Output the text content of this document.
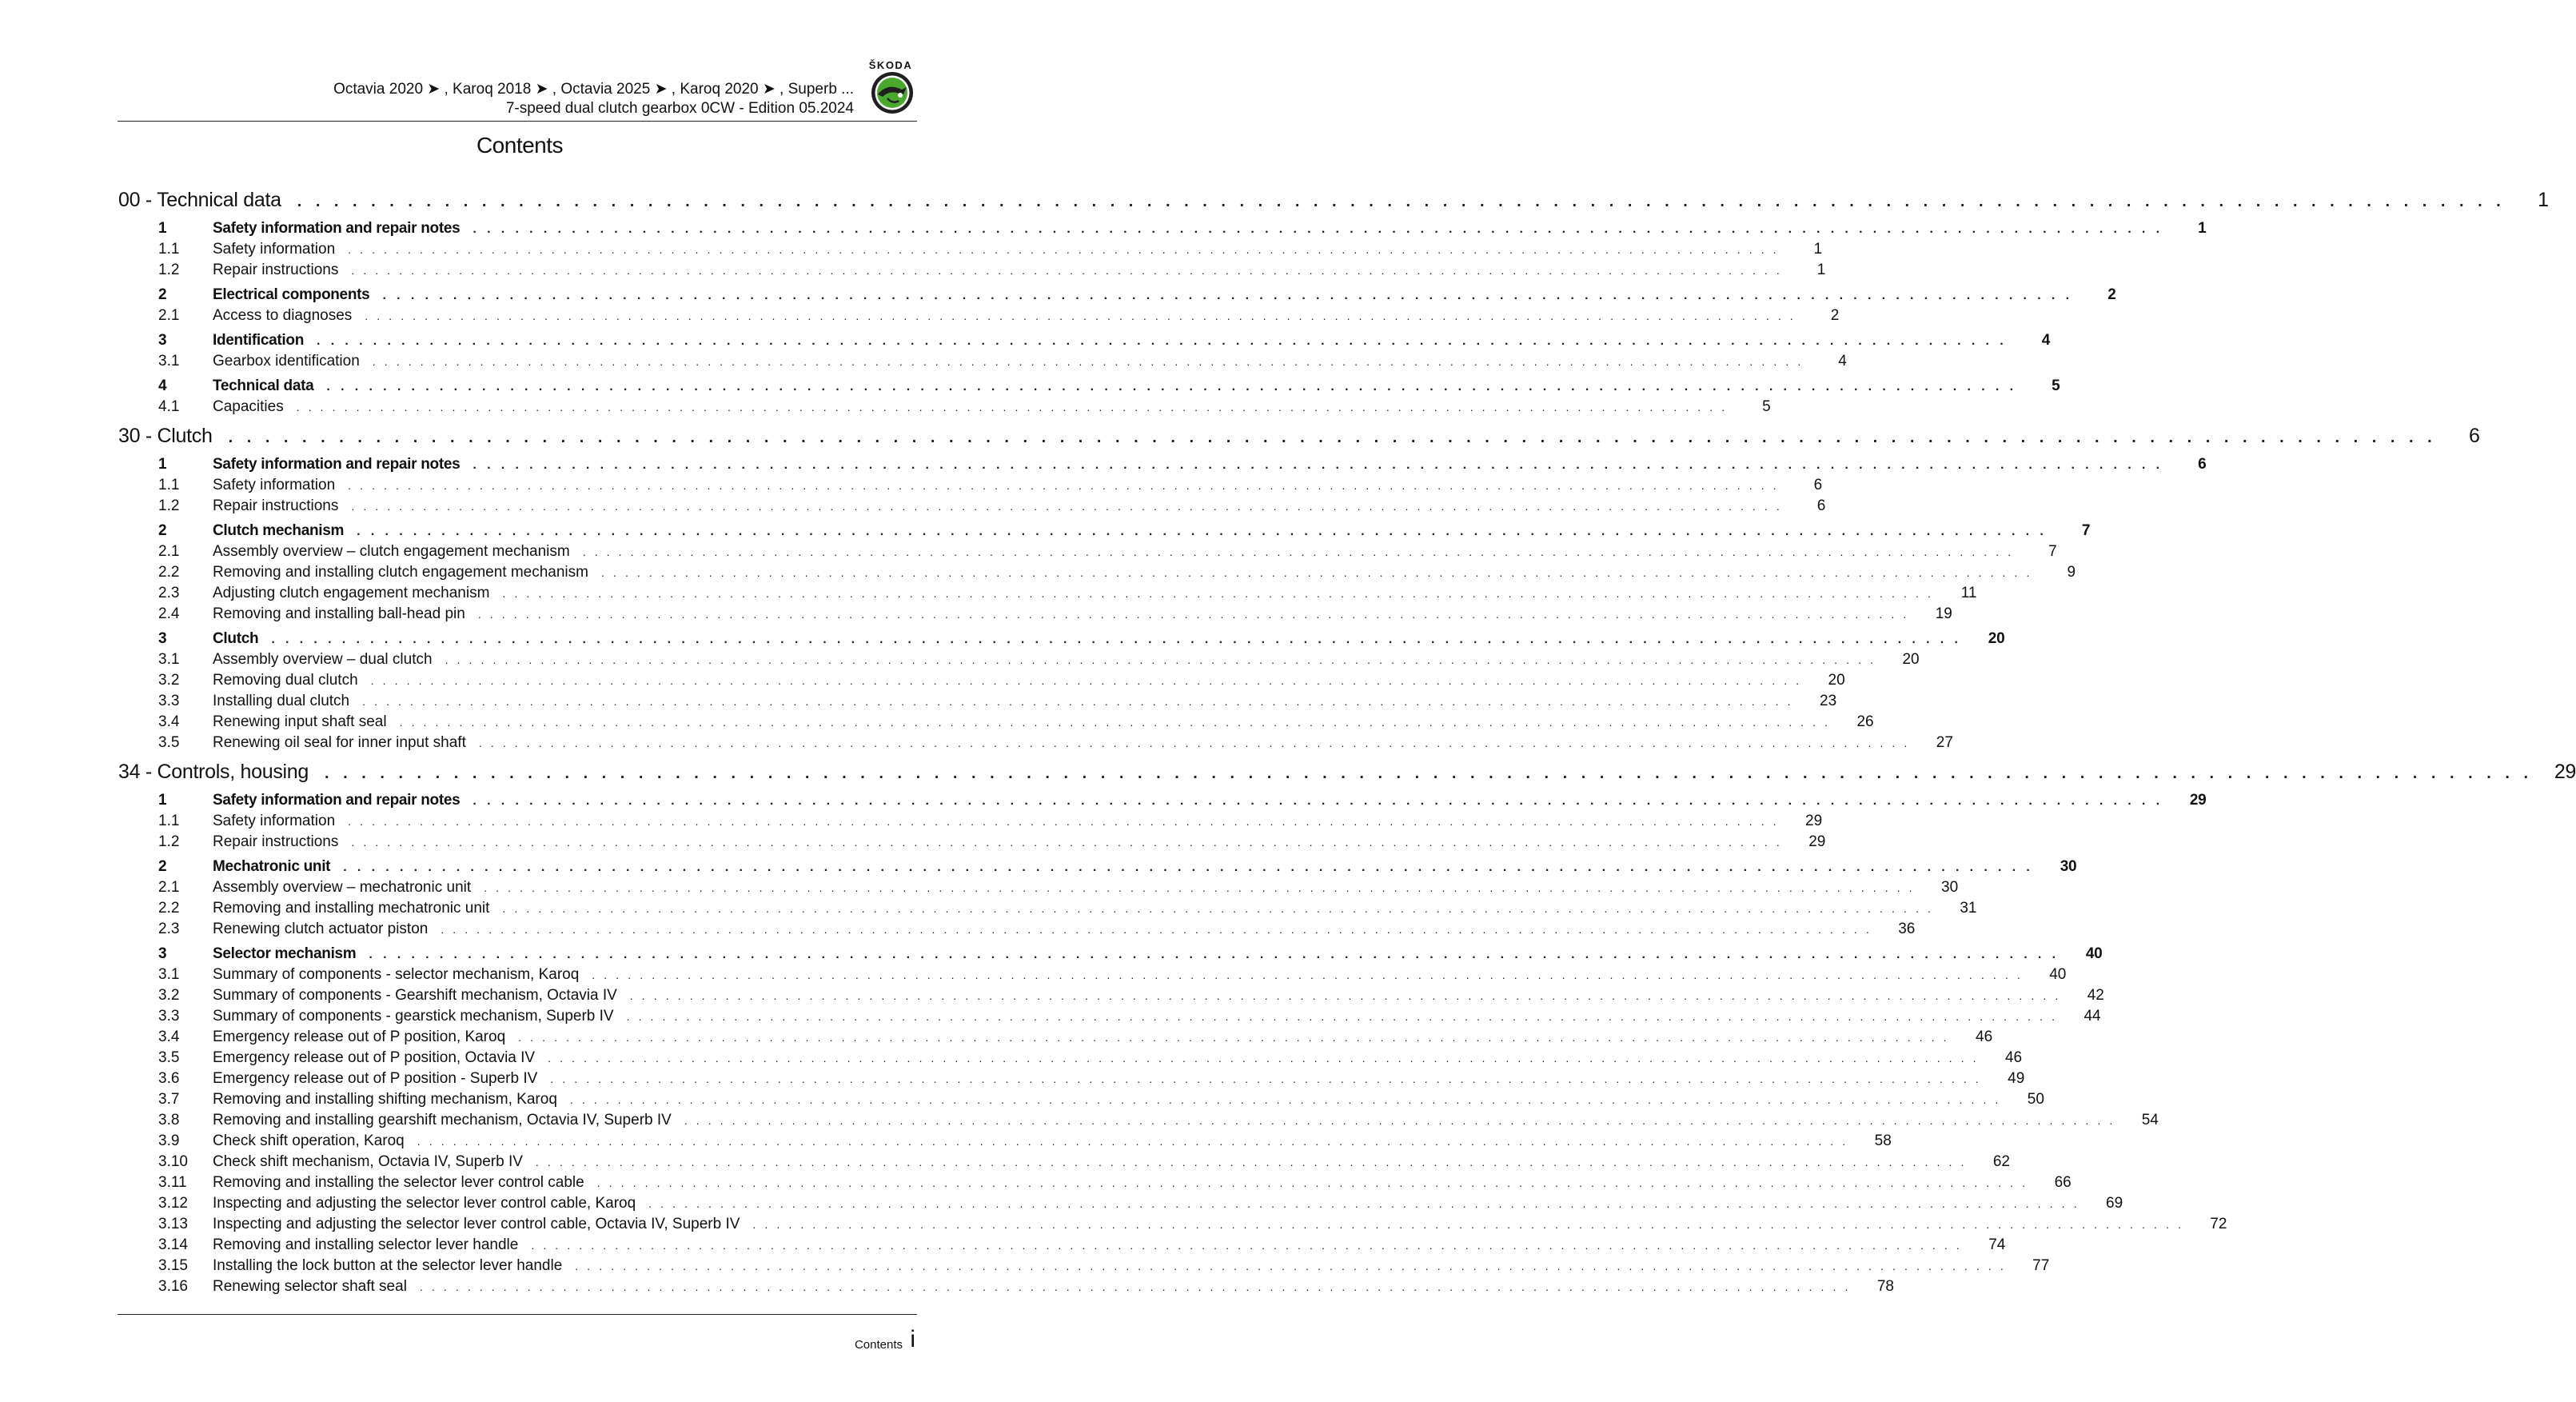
ŠKODA
Octavia 2020 ➤ , Karoq 2018 ➤ , Octavia 2025 ➤ , Karoq 2020 ➤ , Superb ...
7-speed dual clutch gearbox 0CW - Edition 05.2024
Contents
00 - Technical data . . . . . . . . . . . . . . . . . . . . . . . . . . . . . . . . . . . . . . . . . . . . . . . . . . . . . . . . . . . . . . . . . . . . . . . . . . . . . . . . . . . . . . . . . . . . . . . . . . . . . . . . . . . . . . . . . . . . . . . .	1
1	Safety information and repair notes . . . . . . . . . . . . . . . . . . . . . . . . . . . . . . . . . . . . . . . . . . . . . . . . . . . . . . . . . . . . . . . . . . . . . . . . . . . . . . . . . . . . . . . . . . . . . . . . . . . . . . . . . . . . . . . . . . . . . . . .	1
1.1	Safety information . . . . . . . . . . . . . . . . . . . . . . . . . . . . . . . . . . . . . . . . . . . . . . . . . . . . . . . . . . . . . . . . . . . . . . . . . . . . . . . . . . . . . . . . . . . . . . . . . . . . . . . . . . . . . . . . . . . . . . . .	1
1.2	Repair instructions . . . . . . . . . . . . . . . . . . . . . . . . . . . . . . . . . . . . . . . . . . . . . . . . . . . . . . . . . . . . . . . . . . . . . . . . . . . . . . . . . . . . . . . . . . . . . . . . . . . . . . . . . . . . . . . . . . . . . . . .	1
2	Electrical components . . . . . . . . . . . . . . . . . . . . . . . . . . . . . . . . . . . . . . . . . . . . . . . . . . . . . . . . . . . . . . . . . . . . . . . . . . . . . . . . . . . . . . . . . . . . . . . . . . . . . . . . . . . . . . . . . . . . . . . .	2
2.1	Access to diagnoses . . . . . . . . . . . . . . . . . . . . . . . . . . . . . . . . . . . . . . . . . . . . . . . . . . . . . . . . . . . . . . . . . . . . . . . . . . . . . . . . . . . . . . . . . . . . . . . . . . . . . . . . . . . . . . . . . . . . . . . .	2
3	Identification . . . . . . . . . . . . . . . . . . . . . . . . . . . . . . . . . . . . . . . . . . . . . . . . . . . . . . . . . . . . . . . . . . . . . . . . . . . . . . . . . . . . . . . . . . . . . . . . . . . . . . . . . . . . . . . . . . . . . . . .	4
3.1	Gearbox identification . . . . . . . . . . . . . . . . . . . . . . . . . . . . . . . . . . . . . . . . . . . . . . . . . . . . . . . . . . . . . . . . . . . . . . . . . . . . . . . . . . . . . . . . . . . . . . . . . . . . . . . . . . . . . . . . . . . . . . . .	4
4	Technical data . . . . . . . . . . . . . . . . . . . . . . . . . . . . . . . . . . . . . . . . . . . . . . . . . . . . . . . . . . . . . . . . . . . . . . . . . . . . . . . . . . . . . . . . . . . . . . . . . . . . . . . . . . . . . . . . . . . . . . . .	5
4.1	Capacities . . . . . . . . . . . . . . . . . . . . . . . . . . . . . . . . . . . . . . . . . . . . . . . . . . . . . . . . . . . . . . . . . . . . . . . . . . . . . . . . . . . . . . . . . . . . . . . . . . . . . . . . . . . . . . . . . . . . . . . .	5
30 - Clutch . . . . . . . . . . . . . . . . . . . . . . . . . . . . . . . . . . . . . . . . . . . . . . . . . . . . . . . . . . . . . . . . . . . . . . . . . . . . . . . . . . . . . . . . . . . . . . . . . . . . . . . . . . . . . . . . . . . . . . . .	6
1	Safety information and repair notes . . . . . . . . . . . . . . . . . . . . . . . . . . . . . . . . . . . . . . . . . . . . . . . . . . . . . . . . . . . . . . . . . . . . . . . . . . . . . . . . . . . . . . . . . . . . . . . . . . . . . . . . . . . . . . . . . . . . . . . .	6
1.1	Safety information . . . . . . . . . . . . . . . . . . . . . . . . . . . . . . . . . . . . . . . . . . . . . . . . . . . . . . . . . . . . . . . . . . . . . . . . . . . . . . . . . . . . . . . . . . . . . . . . . . . . . . . . . . . . . . . . . . . . . . . .	6
1.2	Repair instructions . . . . . . . . . . . . . . . . . . . . . . . . . . . . . . . . . . . . . . . . . . . . . . . . . . . . . . . . . . . . . . . . . . . . . . . . . . . . . . . . . . . . . . . . . . . . . . . . . . . . . . . . . . . . . . . . . . . . . . . .	6
2	Clutch mechanism . . . . . . . . . . . . . . . . . . . . . . . . . . . . . . . . . . . . . . . . . . . . . . . . . . . . . . . . . . . . . . . . . . . . . . . . . . . . . . . . . . . . . . . . . . . . . . . . . . . . . . . . . . . . . . . . . . . . . . . .	7
2.1	Assembly overview – clutch engagement mechanism . . . . . . . . . . . . . . . . . . . . . . . . . . . . . . . . . . . . . . . . . . . . . . . . . . . . . . . . . . . . . . . . . . . . . . . . . . . . . . . . . . . . . . . . . . . . . . . . . . . . . . . . . . . . . . . . . . . . . . . .	7
2.2	Removing and installing clutch engagement mechanism . . . . . . . . . . . . . . . . . . . . . . . . . . . . . . . . . . . . . . . . . . . . . . . . . . . . . . . . . . . . . . . . . . . . . . . . . . . . . . . . . . . . . . . . . . . . . . . . . . . . . . . . . . . . . . . . . . . . . . . .	9
2.3	Adjusting clutch engagement mechanism . . . . . . . . . . . . . . . . . . . . . . . . . . . . . . . . . . . . . . . . . . . . . . . . . . . . . . . . . . . . . . . . . . . . . . . . . . . . . . . . . . . . . . . . . . . . . . . . . . . . . . . . . . . . . . . . . . . . . . . .	11
2.4	Removing and installing ball-head pin . . . . . . . . . . . . . . . . . . . . . . . . . . . . . . . . . . . . . . . . . . . . . . . . . . . . . . . . . . . . . . . . . . . . . . . . . . . . . . . . . . . . . . . . . . . . . . . . . . . . . . . . . . . . . . . . . . . . . . . .	19
3	Clutch . . . . . . . . . . . . . . . . . . . . . . . . . . . . . . . . . . . . . . . . . . . . . . . . . . . . . . . . . . . . . . . . . . . . . . . . . . . . . . . . . . . . . . . . . . . . . . . . . . . . . . . . . . . . . . . . . . . . . . . .	20
3.1	Assembly overview – dual clutch . . . . . . . . . . . . . . . . . . . . . . . . . . . . . . . . . . . . . . . . . . . . . . . . . . . . . . . . . . . . . . . . . . . . . . . . . . . . . . . . . . . . . . . . . . . . . . . . . . . . . . . . . . . . . . . . . . . . . . . .	20
3.2	Removing dual clutch . . . . . . . . . . . . . . . . . . . . . . . . . . . . . . . . . . . . . . . . . . . . . . . . . . . . . . . . . . . . . . . . . . . . . . . . . . . . . . . . . . . . . . . . . . . . . . . . . . . . . . . . . . . . . . . . . . . . . . . .	20
3.3	Installing dual clutch . . . . . . . . . . . . . . . . . . . . . . . . . . . . . . . . . . . . . . . . . . . . . . . . . . . . . . . . . . . . . . . . . . . . . . . . . . . . . . . . . . . . . . . . . . . . . . . . . . . . . . . . . . . . . . . . . . . . . . . .	23
3.4	Renewing input shaft seal . . . . . . . . . . . . . . . . . . . . . . . . . . . . . . . . . . . . . . . . . . . . . . . . . . . . . . . . . . . . . . . . . . . . . . . . . . . . . . . . . . . . . . . . . . . . . . . . . . . . . . . . . . . . . . . . . . . . . . . .	26
3.5	Renewing oil seal for inner input shaft . . . . . . . . . . . . . . . . . . . . . . . . . . . . . . . . . . . . . . . . . . . . . . . . . . . . . . . . . . . . . . . . . . . . . . . . . . . . . . . . . . . . . . . . . . . . . . . . . . . . . . . . . . . . . . . . . . . . . . . .	27
34 - Controls, housing . . . . . . . . . . . . . . . . . . . . . . . . . . . . . . . . . . . . . . . . . . . . . . . . . . . . . . . . . . . . . . . . . . . . . . . . . . . . . . . . . . . . . . . . . . . . . . . . . . . . . . . . . . . . . . . . . . . . . . . .	29
1	Safety information and repair notes . . . . . . . . . . . . . . . . . . . . . . . . . . . . . . . . . . . . . . . . . . . . . . . . . . . . . . . . . . . . . . . . . . . . . . . . . . . . . . . . . . . . . . . . . . . . . . . . . . . . . . . . . . . . . . . . . . . . . . . .	29
1.1	Safety information . . . . . . . . . . . . . . . . . . . . . . . . . . . . . . . . . . . . . . . . . . . . . . . . . . . . . . . . . . . . . . . . . . . . . . . . . . . . . . . . . . . . . . . . . . . . . . . . . . . . . . . . . . . . . . . . . . . . . . . .	29
1.2	Repair instructions . . . . . . . . . . . . . . . . . . . . . . . . . . . . . . . . . . . . . . . . . . . . . . . . . . . . . . . . . . . . . . . . . . . . . . . . . . . . . . . . . . . . . . . . . . . . . . . . . . . . . . . . . . . . . . . . . . . . . . . .	29
2	Mechatronic unit . . . . . . . . . . . . . . . . . . . . . . . . . . . . . . . . . . . . . . . . . . . . . . . . . . . . . . . . . . . . . . . . . . . . . . . . . . . . . . . . . . . . . . . . . . . . . . . . . . . . . . . . . . . . . . . . . . . . . . . .	30
2.1	Assembly overview – mechatronic unit . . . . . . . . . . . . . . . . . . . . . . . . . . . . . . . . . . . . . . . . . . . . . . . . . . . . . . . . . . . . . . . . . . . . . . . . . . . . . . . . . . . . . . . . . . . . . . . . . . . . . . . . . . . . . . . . . . . . . . . .	30
2.2	Removing and installing mechatronic unit . . . . . . . . . . . . . . . . . . . . . . . . . . . . . . . . . . . . . . . . . . . . . . . . . . . . . . . . . . . . . . . . . . . . . . . . . . . . . . . . . . . . . . . . . . . . . . . . . . . . . . . . . . . . . . . . . . . . . . . .	31
2.3	Renewing clutch actuator piston . . . . . . . . . . . . . . . . . . . . . . . . . . . . . . . . . . . . . . . . . . . . . . . . . . . . . . . . . . . . . . . . . . . . . . . . . . . . . . . . . . . . . . . . . . . . . . . . . . . . . . . . . . . . . . . . . . . . . . . .	36
3	Selector mechanism . . . . . . . . . . . . . . . . . . . . . . . . . . . . . . . . . . . . . . . . . . . . . . . . . . . . . . . . . . . . . . . . . . . . . . . . . . . . . . . . . . . . . . . . . . . . . . . . . . . . . . . . . . . . . . . . . . . . . . . .	40
3.1	Summary of components - selector mechanism, Karoq . . . . . . . . . . . . . . . . . . . . . . . . . . . . . . . . . . . . . . . . . . . . . . . . . . . . . . . . . . . . . . . . . . . . . . . . . . . . . . . . . . . . . . . . . . . . . . . . . . . . . . . . . . . . . . . . . . . . . . . .	40
3.2	Summary of components - Gearshift mechanism, Octavia IV . . . . . . . . . . . . . . . . . . . . . . . . . . . . . . . . . . . . . . . . . . . . . . . . . . . . . . . . . . . . . . . . . . . . . . . . . . . . . . . . . . . . . . . . . . . . . . . . . . . . . . . . . . . . . . . . . . . . . . . .	42
3.3	Summary of components - gearstick mechanism, Superb IV . . . . . . . . . . . . . . . . . . . . . . . . . . . . . . . . . . . . . . . . . . . . . . . . . . . . . . . . . . . . . . . . . . . . . . . . . . . . . . . . . . . . . . . . . . . . . . . . . . . . . . . . . . . . . . . . . . . . . . . .	44
3.4	Emergency release out of P position, Karoq . . . . . . . . . . . . . . . . . . . . . . . . . . . . . . . . . . . . . . . . . . . . . . . . . . . . . . . . . . . . . . . . . . . . . . . . . . . . . . . . . . . . . . . . . . . . . . . . . . . . . . . . . . . . . . . . . . . . . . . .	46
3.5	Emergency release out of P position, Octavia IV . . . . . . . . . . . . . . . . . . . . . . . . . . . . . . . . . . . . . . . . . . . . . . . . . . . . . . . . . . . . . . . . . . . . . . . . . . . . . . . . . . . . . . . . . . . . . . . . . . . . . . . . . . . . . . . . . . . . . . . .	46
3.6	Emergency release out of P position - Superb IV . . . . . . . . . . . . . . . . . . . . . . . . . . . . . . . . . . . . . . . . . . . . . . . . . . . . . . . . . . . . . . . . . . . . . . . . . . . . . . . . . . . . . . . . . . . . . . . . . . . . . . . . . . . . . . . . . . . . . . . .	49
3.7	Removing and installing shifting mechanism, Karoq . . . . . . . . . . . . . . . . . . . . . . . . . . . . . . . . . . . . . . . . . . . . . . . . . . . . . . . . . . . . . . . . . . . . . . . . . . . . . . . . . . . . . . . . . . . . . . . . . . . . . . . . . . . . . . . . . . . . . . . .	50
3.8	Removing and installing gearshift mechanism, Octavia IV, Superb IV . . . . . . . . . . . . . . . . . . . . . . . . . . . . . . . . . . . . . . . . . . . . . . . . . . . . . . . . . . . . . . . . . . . . . . . . . . . . . . . . . . . . . . . . . . . . . . . . . . . . . . . . . . . . . . . . . . . . . . . .	54
3.9	Check shift operation, Karoq . . . . . . . . . . . . . . . . . . . . . . . . . . . . . . . . . . . . . . . . . . . . . . . . . . . . . . . . . . . . . . . . . . . . . . . . . . . . . . . . . . . . . . . . . . . . . . . . . . . . . . . . . . . . . . . . . . . . . . . .	58
3.10	Check shift mechanism, Octavia IV, Superb IV . . . . . . . . . . . . . . . . . . . . . . . . . . . . . . . . . . . . . . . . . . . . . . . . . . . . . . . . . . . . . . . . . . . . . . . . . . . . . . . . . . . . . . . . . . . . . . . . . . . . . . . . . . . . . . . . . . . . . . . .	62
3.11	Removing and installing the selector lever control cable . . . . . . . . . . . . . . . . . . . . . . . . . . . . . . . . . . . . . . . . . . . . . . . . . . . . . . . . . . . . . . . . . . . . . . . . . . . . . . . . . . . . . . . . . . . . . . . . . . . . . . . . . . . . . . . . . . . . . . . .	66
3.12	Inspecting and adjusting the selector lever control cable, Karoq . . . . . . . . . . . . . . . . . . . . . . . . . . . . . . . . . . . . . . . . . . . . . . . . . . . . . . . . . . . . . . . . . . . . . . . . . . . . . . . . . . . . . . . . . . . . . . . . . . . . . . . . . . . . . . . . . . . . . . . .	69
3.13	Inspecting and adjusting the selector lever control cable, Octavia IV, Superb IV . . . . . . . . . . . . . . . . . . . . . . . . . . . . . . . . . . . . . . . . . . . . . . . . . . . . . . . . . . . . . . . . . . . . . . . . . . . . . . . . . . . . . . . . . . . . . . . . . . . . . . . . . . . . . . . . . . . . . . . .	72
3.14	Removing and installing selector lever handle . . . . . . . . . . . . . . . . . . . . . . . . . . . . . . . . . . . . . . . . . . . . . . . . . . . . . . . . . . . . . . . . . . . . . . . . . . . . . . . . . . . . . . . . . . . . . . . . . . . . . . . . . . . . . . . . . . . . . . . .	74
3.15	Installing the lock button at the selector lever handle . . . . . . . . . . . . . . . . . . . . . . . . . . . . . . . . . . . . . . . . . . . . . . . . . . . . . . . . . . . . . . . . . . . . . . . . . . . . . . . . . . . . . . . . . . . . . . . . . . . . . . . . . . . . . . . . . . . . . . . .	77
3.16	Renewing selector shaft seal . . . . . . . . . . . . . . . . . . . . . . . . . . . . . . . . . . . . . . . . . . . . . . . . . . . . . . . . . . . . . . . . . . . . . . . . . . . . . . . . . . . . . . . . . . . . . . . . . . . . . . . . . . . . . . . . . . . . . . . .	78
Contents i
